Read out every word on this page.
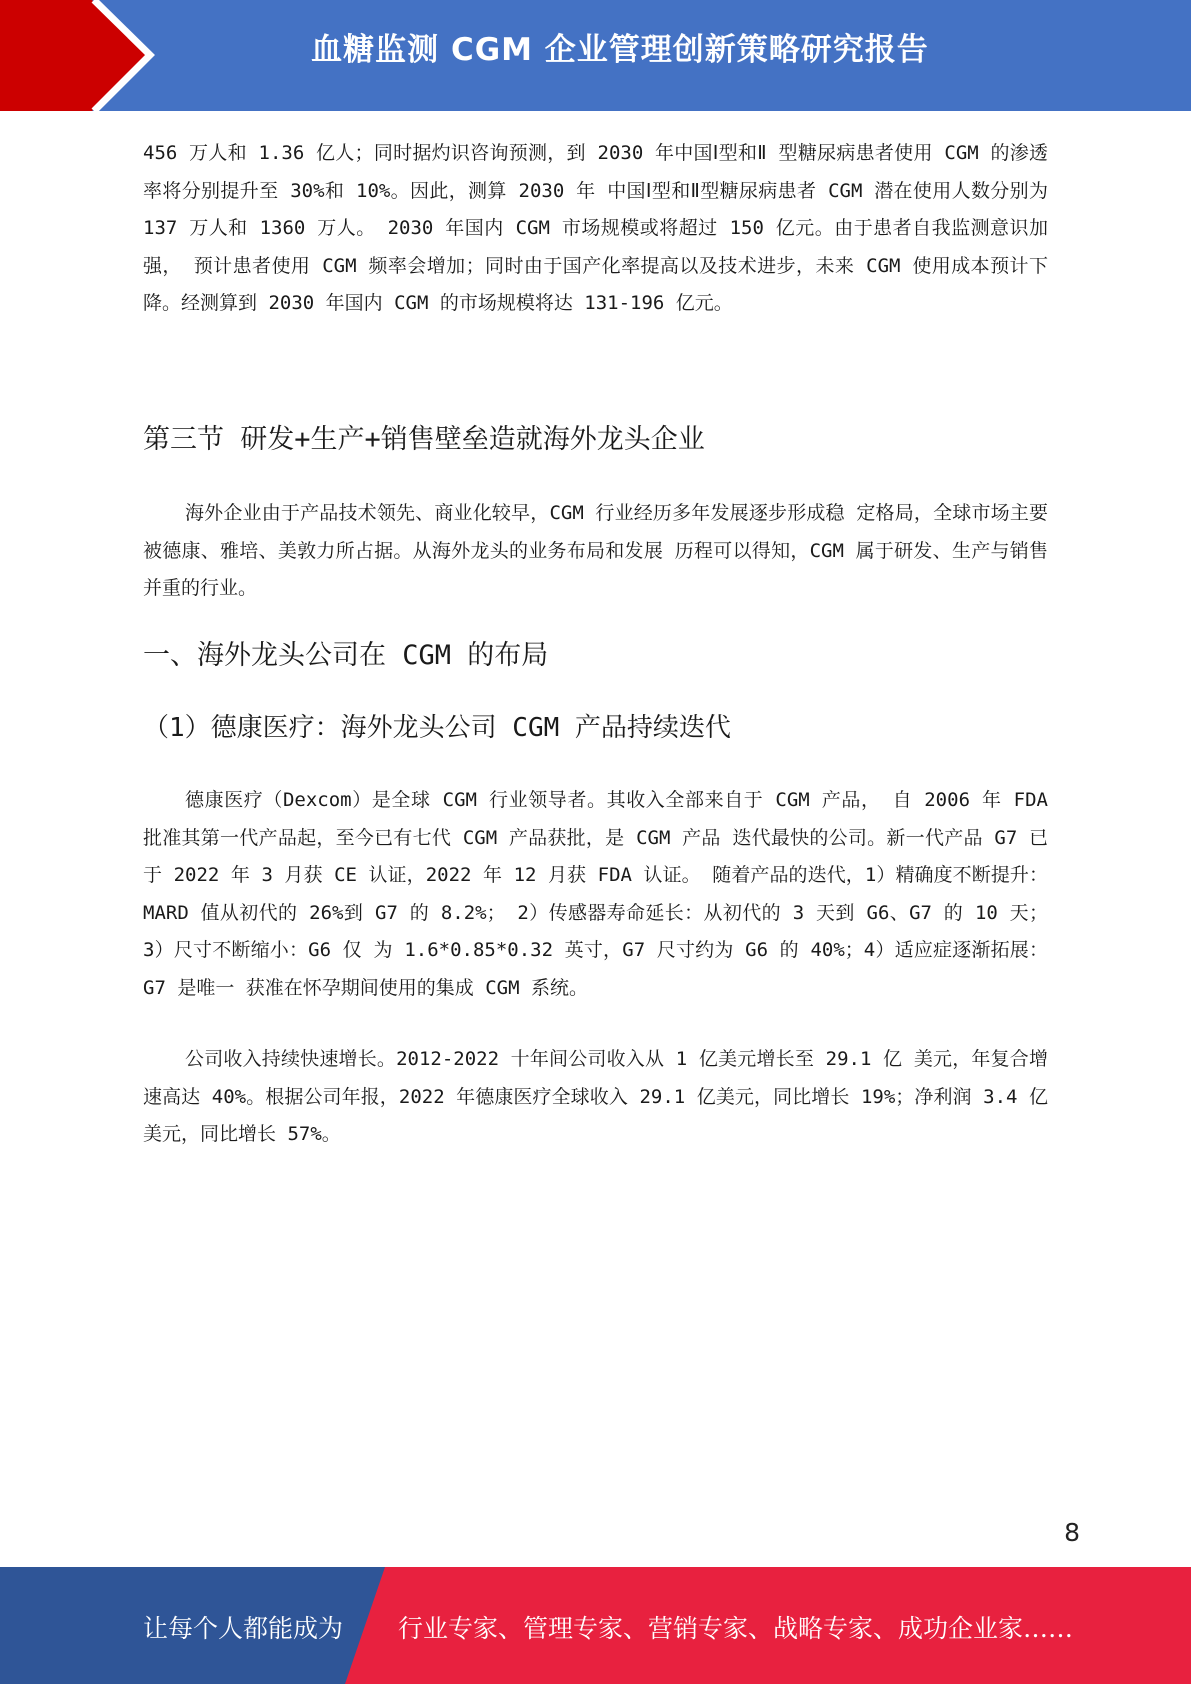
血糖监测 CGM 企业管理创新策略研究报告

456 万人和 1.36 亿人；同时据灼识咨询预测，到 2030 年中国Ⅰ型和Ⅱ 型糖尿病患者使用 CGM 的渗透率将分别提升至 30%和 10%。因此，测算 2030 年 中国Ⅰ型和Ⅱ型糖尿病患者 CGM 潜在使用人数分别为 137 万人和 1360 万人。 2030 年国内 CGM 市场规模或将超过 150 亿元。由于患者自我监测意识加强， 预计患者使用 CGM 频率会增加；同时由于国产化率提高以及技术进步，未来 CGM 使用成本预计下降。经测算到 2030 年国内 CGM 的市场规模将达 131-196 亿元。

第三节 研发+生产+销售壁垒造就海外龙头企业

海外企业由于产品技术领先、商业化较早，CGM 行业经历多年发展逐步形成稳 定格局，全球市场主要被德康、雅培、美敦力所占据。从海外龙头的业务布局和发展 历程可以得知，CGM 属于研发、生产与销售并重的行业。

一、海外龙头公司在 CGM 的布局
（1）德康医疗：海外龙头公司 CGM 产品持续迭代

德康医疗（Dexcom）是全球 CGM 行业领导者。其收入全部来自于 CGM 产品， 自 2006 年 FDA 批准其第一代产品起，至今已有七代 CGM 产品获批，是 CGM 产品 迭代最快的公司。新一代产品 G7 已于 2022 年 3 月获 CE 认证，2022 年 12 月获 FDA 认证。 随着产品的迭代，1）精确度不断提升：MARD 值从初代的 26%到 G7 的 8.2%； 2）传感器寿命延长：从初代的 3 天到 G6、G7 的 10 天；3）尺寸不断缩小：G6 仅 为 1.6*0.85*0.32 英寸，G7 尺寸约为 G6 的 40%；4）适应症逐渐拓展：G7 是唯一 获准在怀孕期间使用的集成 CGM 系统。

公司收入持续快速增长。2012-2022 十年间公司收入从 1 亿美元增长至 29.1 亿 美元，年复合增速高达 40%。根据公司年报，2022 年德康医疗全球收入 29.1 亿美元，同比增长 19%；净利润 3.4 亿美元，同比增长 57%。

8
让每个人都能成为 行业专家、管理专家、营销专家、战略专家、成功企业家……
